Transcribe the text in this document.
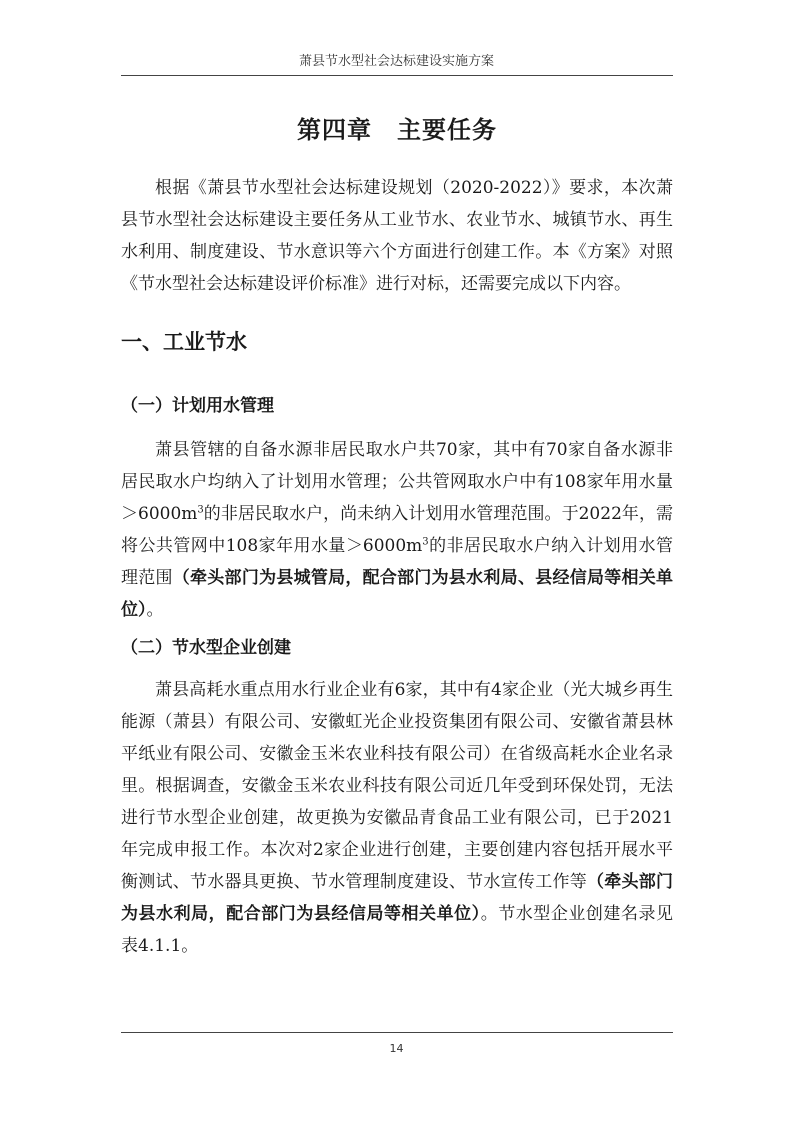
萧县节水型社会达标建设实施方案
第四章　主要任务

根据《萧县节水型社会达标建设规划（2020-2022）》要求，本次萧县节水型社会达标建设主要任务从工业节水、农业节水、城镇节水、再生水利用、制度建设、节水意识等六个方面进行创建工作。本《方案》对照《节水型社会达标建设评价标准》进行对标，还需要完成以下内容。

一、工业节水
（一）计划用水管理

萧县管辖的自备水源非居民取水户共70家，其中有70家自备水源非居民取水户均纳入了计划用水管理；公共管网取水户中有108家年用水量$>6000m^3$的非居民取水户，尚未纳入计划用水管理范围。于2022年，需将公共管网中108家年用水量$>6000m^3$的非居民取水户纳入计划用水管理范围（牵头部门为县城管局，配合部门为县水利局、县经信局等相关单位）。

（二）节水型企业创建

萧县高耗水重点用水行业企业有6家，其中有4家企业（光大城乡再生能源（萧县）有限公司、安徽虹光企业投资集团有限公司、安徽省萧县林平纸业有限公司、安徽金玉米农业科技有限公司）在省级高耗水企业名录里。根据调查，安徽金玉米农业科技有限公司近几年受到环保处罚，无法进行节水型企业创建，故更换为安徽品青食品工业有限公司，已于2021年完成申报工作。本次对2家企业进行创建，主要创建内容包括开展水平衡测试、节水器具更换、节水管理制度建设、节水宣传工作等（牵头部门为县水利局，配合部门为县经信局等相关单位）。节水型企业创建名录见表4.1.1。

14
